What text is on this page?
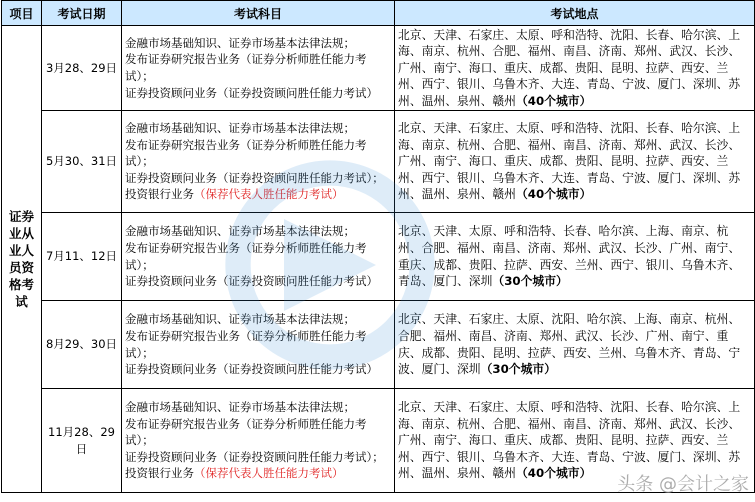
项目	考试日期	考试科目	考试地点
证券业从业人员资格考试	3月28、29日	金融市场基础知识、证券市场基本法律法规；
发布证券研究报告业务（证券分析师胜任能力考试）；
证券投资顾问业务（证券投资顾问胜任能力考试）	北京、天津、石家庄、太原、呼和浩特、沈阳、长春、哈尔滨、上海、南京、杭州、合肥、福州、南昌、济南、郑州、武汉、长沙、广州、南宁、海口、重庆、成都、贵阳、昆明、拉萨、西安、兰州、西宁、银川、乌鲁木齐、大连、青岛、宁波、厦门、深圳、苏州、温州、泉州、赣州（40个城市）
	5月30、31日	金融市场基础知识、证券市场基本法律法规；
发布证券研究报告业务（证券分析师胜任能力考试）；
证券投资顾问业务（证券投资顾问胜任能力考试）；
投资银行业务（保荐代表人胜任能力考试）	北京、天津、石家庄、太原、呼和浩特、沈阳、长春、哈尔滨、上海、南京、杭州、合肥、福州、南昌、济南、郑州、武汉、长沙、广州、南宁、海口、重庆、成都、贵阳、昆明、拉萨、西安、兰州、西宁、银川、乌鲁木齐、大连、青岛、宁波、厦门、深圳、苏州、温州、泉州、赣州（40个城市）
	7月11、12日	金融市场基础知识、证券市场基本法律法规；
发布证券研究报告业务（证券分析师胜任能力考试）；
证券投资顾问业务（证券投资顾问胜任能力考试）	北京、天津、太原、呼和浩特、长春、哈尔滨、上海、南京、杭州、合肥、福州、南昌、济南、郑州、武汉、长沙、广州、南宁、重庆、成都、贵阳、拉萨、西安、兰州、西宁、银川、乌鲁木齐、青岛、厦门、深圳（30个城市）
	8月29、30日	金融市场基础知识、证券市场基本法律法规；
发布证券研究报告业务（证券分析师胜任能力考试）；
证券投资顾问业务（证券投资顾问胜任能力考试）	北京、天津、石家庄、太原、沈阳、哈尔滨、上海、南京、杭州、合肥、福州、南昌、济南、郑州、武汉、长沙、广州、南宁、重庆、成都、贵阳、昆明、拉萨、西安、兰州、乌鲁木齐、青岛、宁波、厦门、深圳（30个城市）
	11月28、29日	金融市场基础知识、证券市场基本法律法规；
发布证券研究报告业务（证券分析师胜任能力考试）；
证券投资顾问业务（证券投资顾问胜任能力考试）；
投资银行业务（保荐代表人胜任能力考试）	北京、天津、石家庄、太原、呼和浩特、沈阳、长春、哈尔滨、上海、南京、杭州、合肥、福州、南昌、济南、郑州、武汉、长沙、广州、南宁、海口、重庆、成都、贵阳、昆明、拉萨、西安、兰州、西宁、银川、乌鲁木齐、大连、青岛、宁波、厦门、深圳、苏州、温州、泉州、赣州（40个城市）
头条 @会计之家
